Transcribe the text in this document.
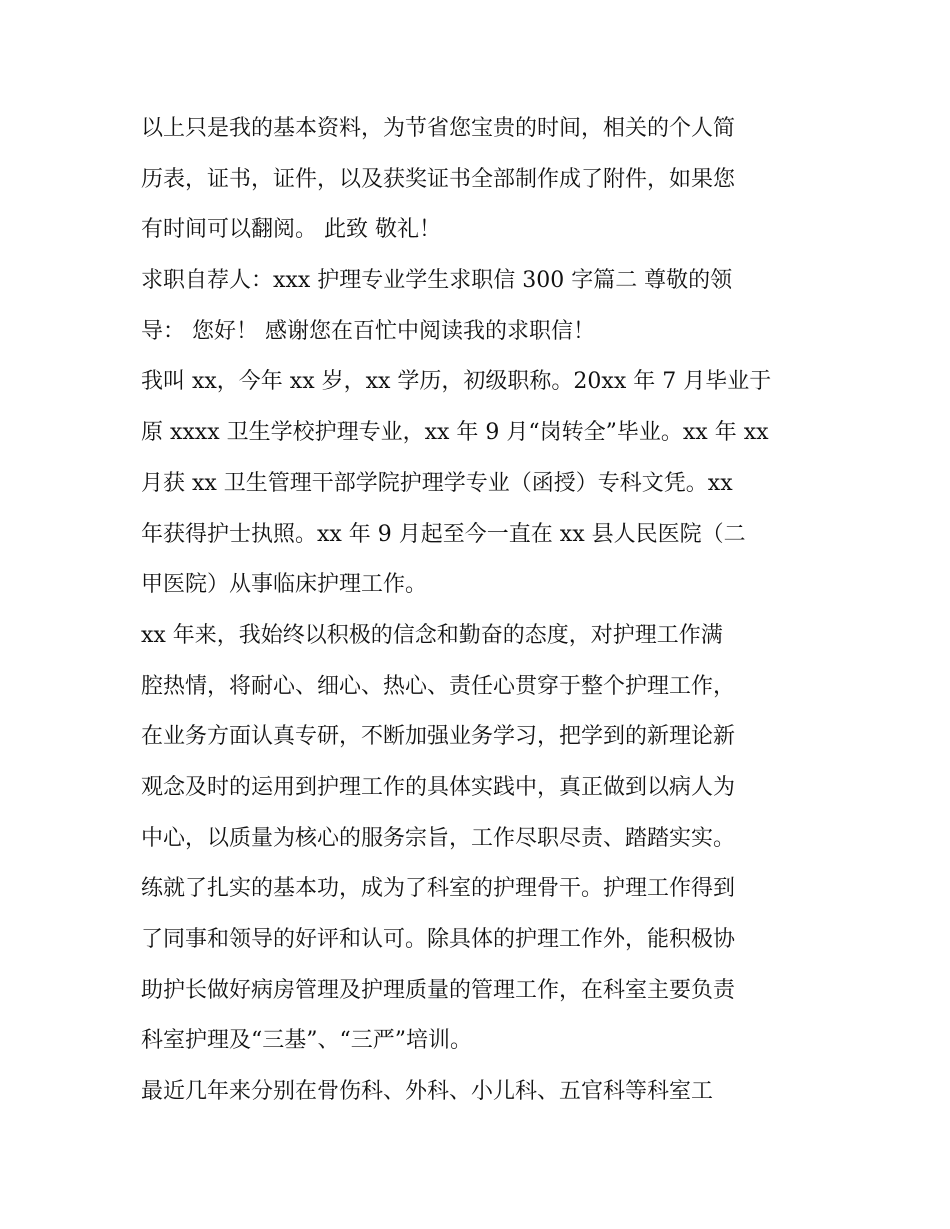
以上只是我的基本资料，为节省您宝贵的时间，相关的个人简
历表，证书，证件，以及获奖证书全部制作成了附件，如果您
有时间可以翻阅。 此致 敬礼！
求职自荐人：xxx 护理专业学生求职信 300 字篇二 尊敬的领
导： 您好！ 感谢您在百忙中阅读我的求职信！
我叫 xx，今年 xx 岁，xx 学历，初级职称。20xx 年 7 月毕业于
原 xxxx 卫生学校护理专业，xx 年 9 月“岗转全”毕业。xx 年 xx
月获 xx 卫生管理干部学院护理学专业（函授）专科文凭。xx
年获得护士执照。xx 年 9 月起至今一直在 xx 县人民医院（二
甲医院）从事临床护理工作。
xx 年来，我始终以积极的信念和勤奋的态度，对护理工作满
腔热情，将耐心、细心、热心、责任心贯穿于整个护理工作，
在业务方面认真专研，不断加强业务学习，把学到的新理论新
观念及时的运用到护理工作的具体实践中，真正做到以病人为
中心，以质量为核心的服务宗旨，工作尽职尽责、踏踏实实。
练就了扎实的基本功，成为了科室的护理骨干。护理工作得到
了同事和领导的好评和认可。除具体的护理工作外，能积极协
助护长做好病房管理及护理质量的管理工作，在科室主要负责
科室护理及“三基”、“三严”培训。
最近几年来分别在骨伤科、外科、小儿科、五官科等科室工
